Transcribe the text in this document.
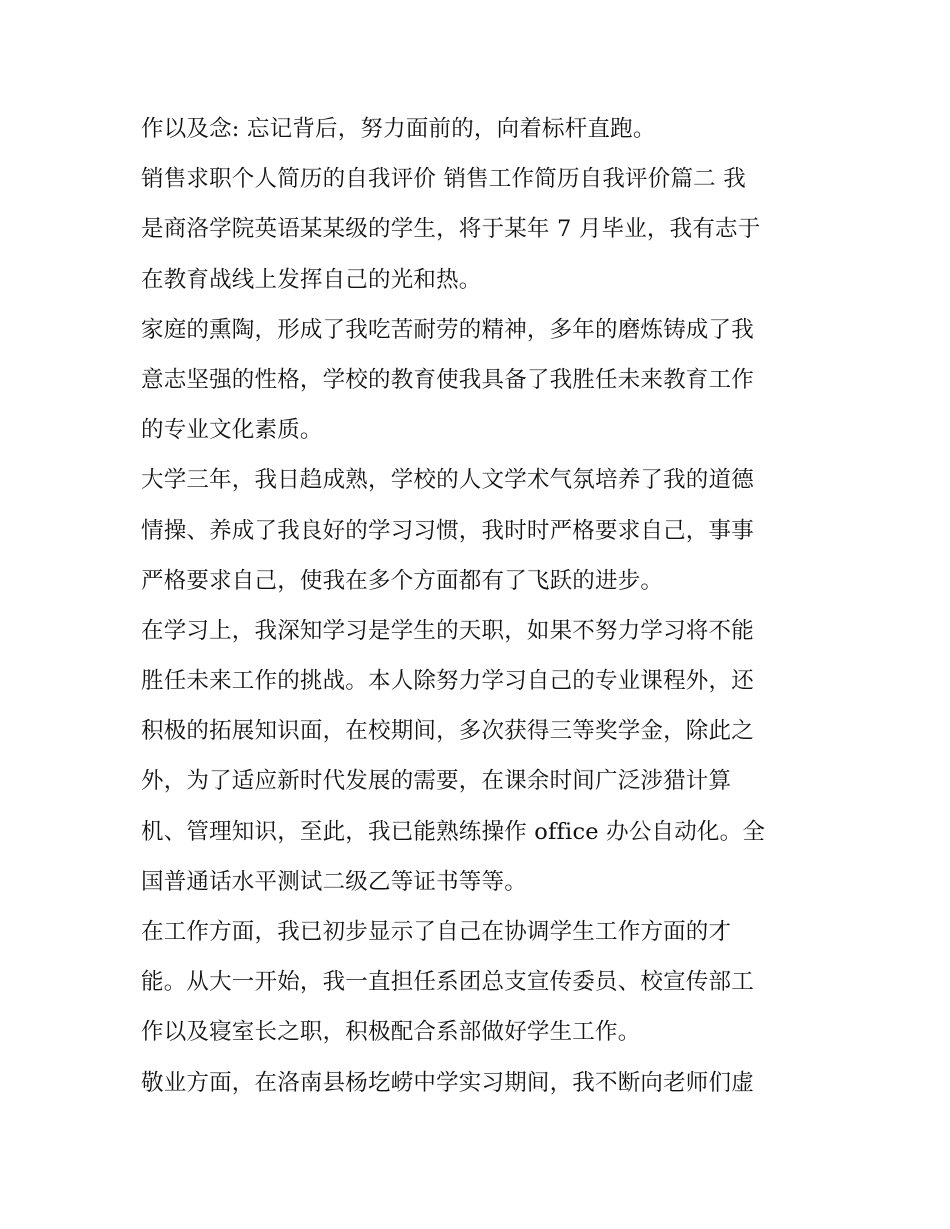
作以及念: 忘记背后，努力面前的，向着标杆直跑。

销售求职个人简历的自我评价 销售工作简历自我评价篇二 我
是商洛学院英语某某级的学生，将于某年 7 月毕业，我有志于
在教育战线上发挥自己的光和热。

家庭的熏陶，形成了我吃苦耐劳的精神，多年的磨炼铸成了我
意志坚强的性格，学校的教育使我具备了我胜任未来教育工作
的专业文化素质。

大学三年，我日趋成熟，学校的人文学术气氛培养了我的道德
情操、养成了我良好的学习习惯，我时时严格要求自己，事事
严格要求自己，使我在多个方面都有了飞跃的进步。

在学习上，我深知学习是学生的天职，如果不努力学习将不能
胜任未来工作的挑战。本人除努力学习自己的专业课程外，还
积极的拓展知识面，在校期间，多次获得三等奖学金，除此之
外，为了适应新时代发展的需要，在课余时间广泛涉猎计算
机、管理知识，至此，我已能熟练操作 office 办公自动化。全
国普通话水平测试二级乙等证书等等。

在工作方面，我已初步显示了自己在协调学生工作方面的才
能。从大一开始，我一直担任系团总支宣传委员、校宣传部工
作以及寝室长之职，积极配合系部做好学生工作。

敬业方面，在洛南县杨圪崂中学实习期间，我不断向老师们虚
